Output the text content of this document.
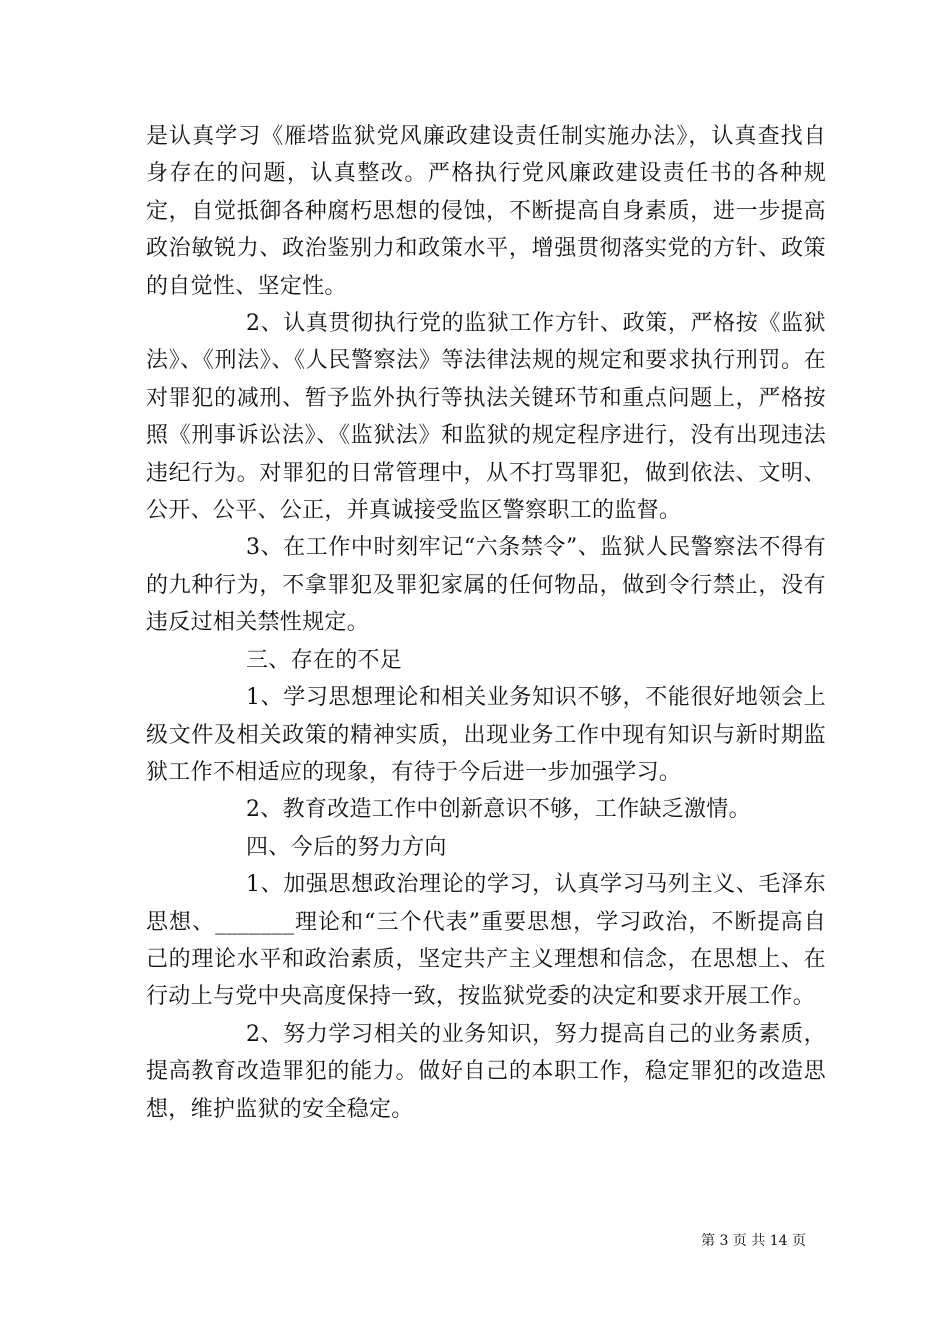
是认真学习《雁塔监狱党风廉政建设责任制实施办法》，认真查找自身存在的问题，认真整改。严格执行党风廉政建设责任书的各种规定，自觉抵御各种腐朽思想的侵蚀，不断提高自身素质，进一步提高政治敏锐力、政治鉴别力和政策水平，增强贯彻落实党的方针、政策的自觉性、坚定性。

2、认真贯彻执行党的监狱工作方针、政策，严格按《监狱法》、《刑法》、《人民警察法》等法律法规的规定和要求执行刑罚。在对罪犯的减刑、暂予监外执行等执法关键环节和重点问题上，严格按照《刑事诉讼法》、《监狱法》和监狱的规定程序进行，没有出现违法违纪行为。对罪犯的日常管理中，从不打骂罪犯，做到依法、文明、公开、公平、公正，并真诚接受监区警察职工的监督。

3、在工作中时刻牢记“六条禁令”、监狱人民警察法不得有的九种行为，不拿罪犯及罪犯家属的任何物品，做到令行禁止，没有违反过相关禁性规定。

三、存在的不足

1、学习思想理论和相关业务知识不够，不能很好地领会上级文件及相关政策的精神实质，出现业务工作中现有知识与新时期监狱工作不相适应的现象，有待于今后进一步加强学习。

2、教育改造工作中创新意识不够，工作缺乏激情。

四、今后的努力方向

1、加强思想政治理论的学习，认真学习马列主义、毛泽东思想、_______理论和“三个代表”重要思想，学习政治，不断提高自己的理论水平和政治素质，坚定共产主义理想和信念，在思想上、在行动上与党中央高度保持一致，按监狱党委的决定和要求开展工作。

2、努力学习相关的业务知识，努力提高自己的业务素质，提高教育改造罪犯的能力。做好自己的本职工作，稳定罪犯的改造思想，维护监狱的安全稳定。

第 3 页 共 14 页
